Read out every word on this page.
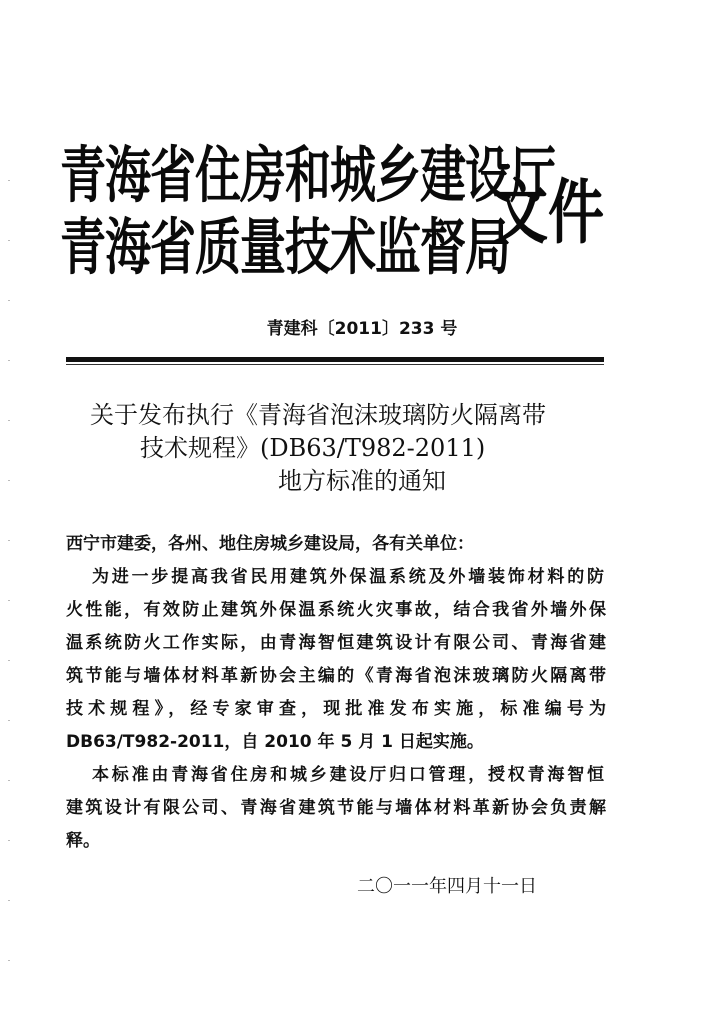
青海省住房和城乡建设厅
青海省质量技术监督局
文件
青建科〔2011〕233 号
关于发布执行《青海省泡沫玻璃防火隔离带
技术规程》(DB63/T982-2011)
地方标准的通知
西宁市建委，各州、地住房城乡建设局，各有关单位：
为进一步提高我省民用建筑外保温系统及外墙装饰材料的防
火性能，有效防止建筑外保温系统火灾事故，结合我省外墙外保
温系统防火工作实际，由青海智恒建筑设计有限公司、青海省建
筑节能与墙体材料革新协会主编的《青海省泡沫玻璃防火隔离带
技术规程》，经专家审查，现批准发布实施，标准编号为
DB63/T982-2011，自 2010 年 5 月 1 日起实施。
本标准由青海省住房和城乡建设厅归口管理，授权青海智恒
建筑设计有限公司、青海省建筑节能与墙体材料革新协会负责解
释。
二〇一一年四月十一日
